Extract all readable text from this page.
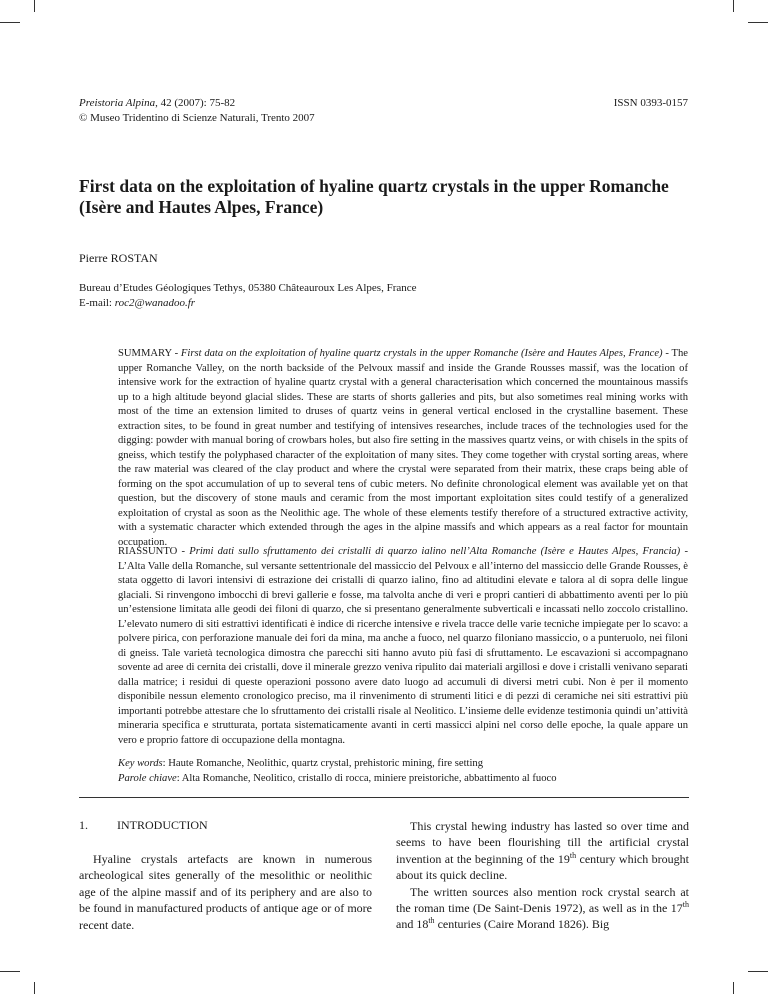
Preistoria Alpina, 42 (2007): 75-82
© Museo Tridentino di Scienze Naturali, Trento 2007
ISSN 0393-0157
First data on the exploitation of hyaline quartz crystals in the upper Romanche (Isère and Hautes Alpes, France)
Pierre ROSTAN
Bureau d’Etudes Géologiques Tethys, 05380 Châteauroux Les Alpes, France
E-mail: roc2@wanadoo.fr

SUMMARY - First data on the exploitation of hyaline quartz crystals in the upper Romanche (Isère and Hautes Alpes, France) - The upper Romanche Valley, on the north backside of the Pelvoux massif and inside the Grande Rousses massif, was the location of intensive work for the extraction of hyaline quartz crystal with a general characterisation which concerned the mountainous massifs up to a high altitude beyond glacial slides. These are starts of shorts galleries and pits, but also sometimes real mining works with most of the time an extension limited to druses of quartz veins in general vertical enclosed in the crystalline basement. These extraction sites, to be found in great number and testifying of intensives researches, include traces of the technologies used for the digging: powder with manual boring of crowbars holes, but also fire setting in the massives quartz veins, or with chisels in the spits of gneiss, which testify the polyphased character of the exploitation of many sites. They come together with crystal sorting areas, where the raw material was cleared of the clay product and where the crystal were separated from their matrix, these craps being able of forming on the spot accumulation of up to several tens of cubic meters. No definite chronological element was available yet on that question, but the discovery of stone mauls and ceramic from the most important exploitation sites could testify of a generalized exploitation of crystal as soon as the Neolithic age. The whole of these elements testify therefore of a structured extractive activity, with a systematic character which extended through the ages in the alpine massifs and which appears as a real factor for mountain occupation.

RIASSUNTO - Primi dati sullo sfruttamento dei cristalli di quarzo ialino nell’Alta Romanche (Isère e Hautes Alpes, Francia) - L’Alta Valle della Romanche, sul versante settentrionale del massiccio del Pelvoux e all’interno del massiccio delle Grande Rousses, è stata oggetto di lavori intensivi di estrazione dei cristalli di quarzo ialino, fino ad altitudini elevate e talora al di sopra delle lingue glaciali. Si rinvengono imbocchi di brevi gallerie e fosse, ma talvolta anche di veri e propri cantieri di abbattimento aventi per lo più un’estensione limitata alle geodi dei filoni di quarzo, che si presentano generalmente subverticali e incassati nello zoccolo cristallino. L’elevato numero di siti estrattivi identificati è indice di ricerche intensive e rivela tracce delle varie tecniche impiegate per lo scavo: a polvere pirica, con perforazione manuale dei fori da mina, ma anche a fuoco, nel quarzo filoniano massiccio, o a punteruolo, nei filoni di gneiss. Tale varietà tecnologica dimostra che parecchi siti hanno avuto più fasi di sfruttamento. Le escavazioni si accompagnano sovente ad aree di cernita dei cristalli, dove il minerale grezzo veniva ripulito dai materiali argillosi e dove i cristalli venivano separati dalla matrice; i residui di queste operazioni possono avere dato luogo ad accumuli di diversi metri cubi. Non è per il momento disponibile nessun elemento cronologico preciso, ma il rinvenimento di strumenti litici e di pezzi di ceramiche nei siti estrattivi più importanti potrebbe attestare che lo sfruttamento dei cristalli risale al Neolitico. L’insieme delle evidenze testimonia quindi un’attività mineraria specifica e strutturata, portata sistematicamente avanti in certi massicci alpini nel corso delle epoche, la quale appare un vero e proprio fattore di occupazione della montagna.

Key words: Haute Romanche, Neolithic, quartz crystal, prehistoric mining, fire setting
Parole chiave: Alta Romanche, Neolitico, cristallo di rocca, miniere preistoriche, abbattimento al fuoco
1. INTRODUCTION

Hyaline crystals artefacts are known in numerous archeological sites generally of the mesolithic or neolithic age of the alpine massif and of its periphery and are also to be found in manufactured products of antique age or of more recent date.

This crystal hewing industry has lasted so over time and seems to have been flourishing till the artificial crystal invention at the beginning of the 19th century which brought about its quick decline.

The written sources also mention rock crystal search at the roman time (De Saint-Denis 1972), as well as in the 17th and 18th centuries (Caire Morand 1826). Big
